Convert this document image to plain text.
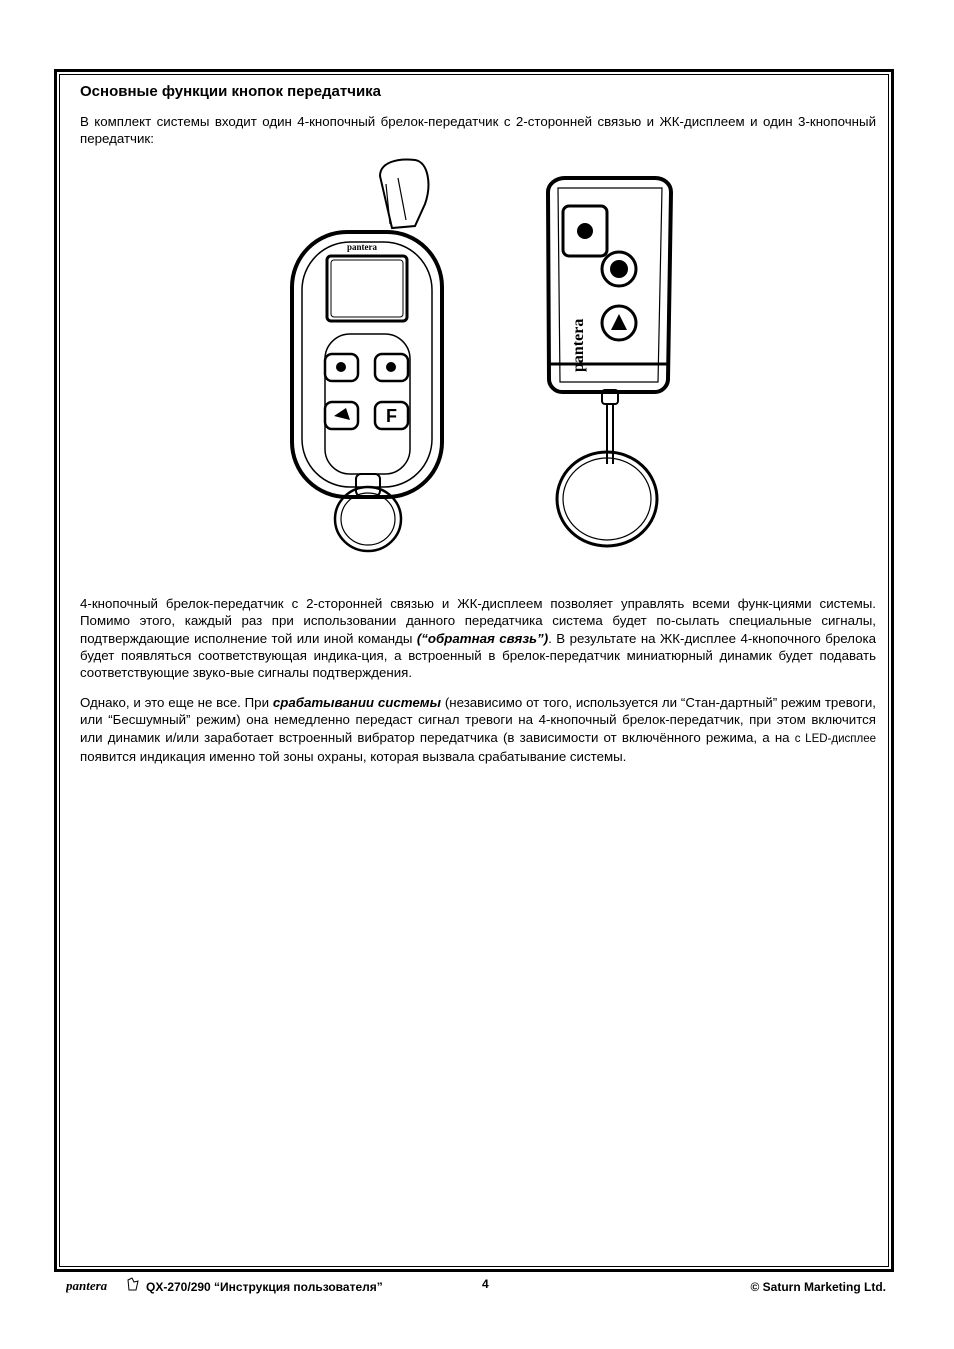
Основные функции кнопок передатчика

В комплект системы входит один 4-кнопочный брелок-передатчик с 2-сторонней связью и ЖК-дисплеем и один 3-кнопочный передатчик:

pantera
F
pantera

4-кнопочный брелок-передатчик с 2-сторонней связью и ЖК-дисплеем позволяет управлять всеми функ-циями системы. Помимо этого, каждый раз при использовании данного передатчика система будет по-сылать специальные сигналы, подтверждающие исполнение той или иной команды (“обратная связь”). В результате на ЖК-дисплее 4-кнопочного брелока будет появляться соответствующая индика-ция, а встроенный в брелок-передатчик миниатюрный динамик будет подавать соответствующие звуко-вые сигналы подтверждения.

Однако, и это еще не все. При срабатывании системы (независимо от того, используется ли “Стан-дартный” режим тревоги, или “Бесшумный” режим) она немедленно передаст сигнал тревоги на 4-кнопочный брелок-передатчик, при этом включится или динамик и/или заработает встроенный вибратор передатчика (в зависимости от включённого режима, а на с LED-дисплее появится индикация именно той зоны охраны, которая вызвала срабатывание системы.

pantera	QX-270/290 “Инструкция пользователя”	4	© Saturn Marketing Ltd.
